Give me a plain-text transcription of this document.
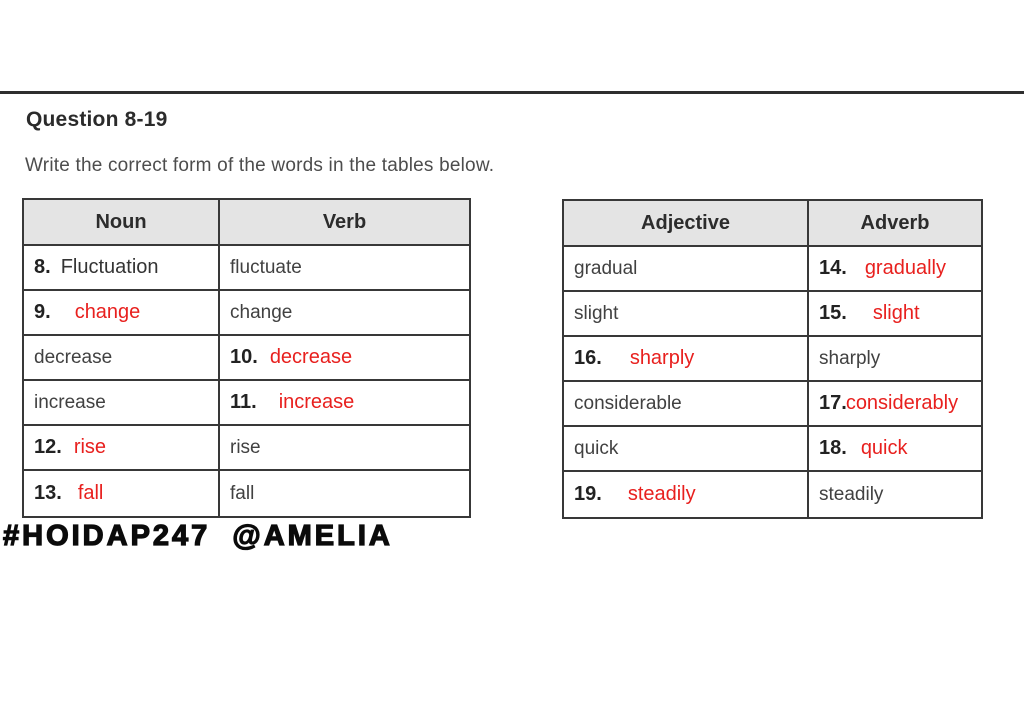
Question 8-19
Write the correct form of the words in the tables below.
Noun	Verb
8. Fluctuation	fluctuate
9. change	change
decrease	10. decrease
increase	11. increase
12. rise	rise
13. fall	fall
Adjective	Adverb
gradual	14. gradually
slight	15. slight
16. sharply	sharply
considerable	17. considerably
quick	18. quick
19. steadily	steadily
#HOIDAP247  @AMELIA
